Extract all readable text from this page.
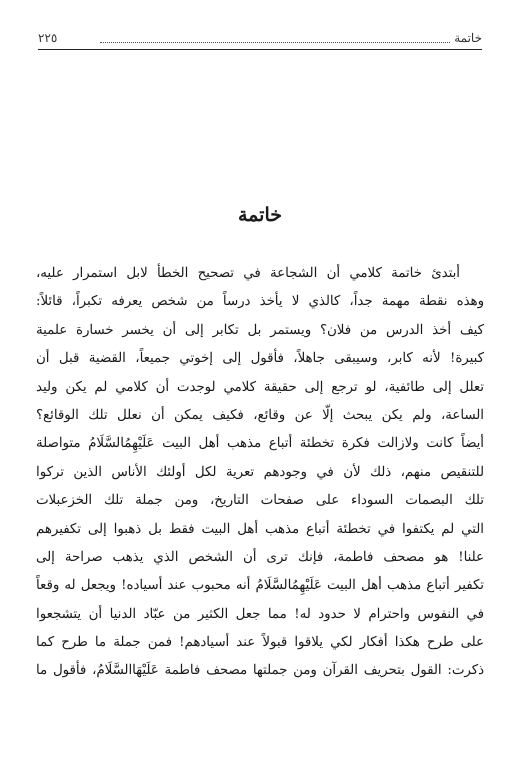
٢٢٥	خاتمة
خاتمة
أبتدئ خاتمة كلامي أن الشجاعة في تصحيح الخطأ لابل استمرار عليه،
وهذه نقطة مهمة جداً، كالذي لا يأخذ درساً من شخص يعرفه تكبراً، قائلاً:
كيف أخذ الدرس من فلان؟ ويستمر بل تكابر إلى أن يخسر خسارة علمية
كبيرة! لأنه كابر، وسيبقى جاهلاً، فأقول إلى إخوتي جميعاً، القضية قبل أن
تعلل إلى طائفية، لو ترجع إلى حقيقة كلامي لوجدت أن كلامي لم يكن وليد
الساعة، ولم يكن يبحث إلّا عن وقائع، فكيف يمكن أن نعلل تلك الوقائع؟
أيضاً كانت ولازالت فكرة تخطئة أتباع مذهب أهل البيت عَلَيْهِمُالسَّلَامُ متواصلة
للتنقيص منهم، ذلك لأن في وجودهم تعرية لكل أولئك الأناس الذين تركوا
تلك البصمات السوداء على صفحات التاريخ، ومن جملة تلك الخزعبلات
التي لم يكتفوا في تخطئة أتباع مذهب أهل البيت فقط بل ذهبوا إلى تكفيرهم
علنا! هو مصحف فاطمة، فإنك ترى أن الشخص الذي يذهب صراحة إلى
تكفير أتباع مذهب أهل البيت عَلَيْهِمُالسَّلَامُ أنه محبوب عند أسياده! ويجعل له وقعاً
في النفوس واحترام لا حدود له! مما جعل الكثير من عبّاد الدنيا أن يتشجعوا
على طرح هكذا أفكار لكي يلاقوا قبولاً عند أسيادهم! فمن جملة ما طرح كما
ذكرت: القول بتحريف القرآن ومن جملتها مصحف فاطمة عَلَيْهَاالسَّلَامُ، فأقول ما
